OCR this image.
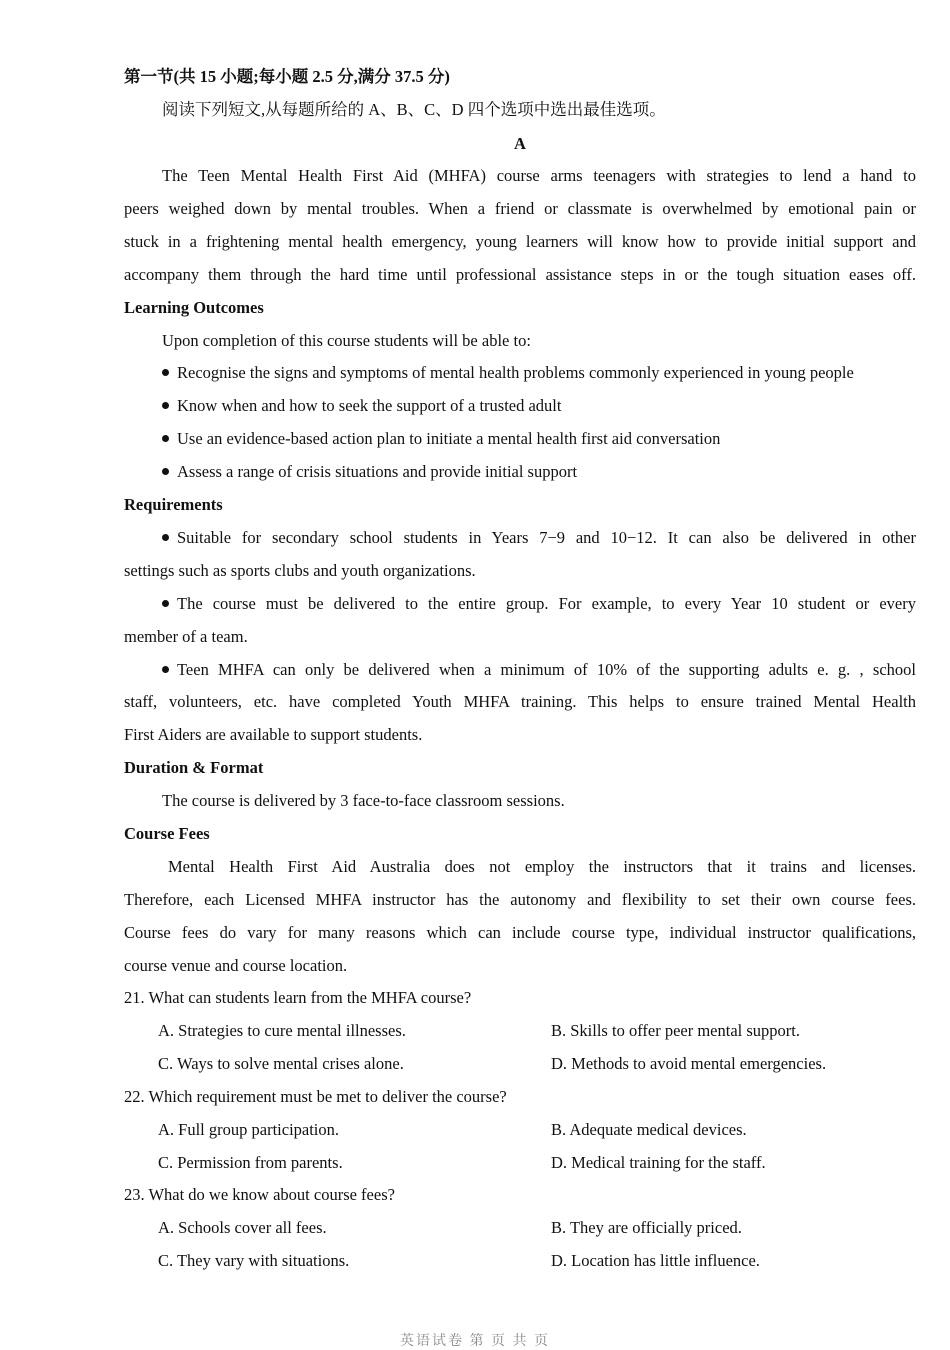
第一节(共 15 小题;每小题 2.5 分,满分 37.5 分)
阅读下列短文,从每题所给的 A、B、C、D 四个选项中选出最佳选项。
A
The Teen Mental Health First Aid (MHFA) course arms teenagers with strategies to lend a hand to
peers weighed down by mental troubles. When a friend or classmate is overwhelmed by emotional pain or
stuck in a frightening mental health emergency, young learners will know how to provide initial support and
accompany them through the hard time until professional assistance steps in or the tough situation eases off.
Learning Outcomes
Upon completion of this course students will be able to:
Recognise the signs and symptoms of mental health problems commonly experienced in young people
Know when and how to seek the support of a trusted adult
Use an evidence-based action plan to initiate a mental health first aid conversation
Assess a range of crisis situations and provide initial support
Requirements
Suitable for secondary school students in Years 7−9 and 10−12. It can also be delivered in other
settings such as sports clubs and youth organizations.
The course must be delivered to the entire group. For example, to every Year 10 student or every
member of a team.
Teen MHFA can only be delivered when a minimum of 10% of the supporting adults e. g. , school
staff, volunteers, etc. have completed Youth MHFA training. This helps to ensure trained Mental Health
First Aiders are available to support students.
Duration & Format
The course is delivered by 3 face-to-face classroom sessions.
Course Fees
Mental Health First Aid Australia does not employ the instructors that it trains and licenses.
Therefore, each Licensed MHFA instructor has the autonomy and flexibility to set their own course fees.
Course fees do vary for many reasons which can include course type, individual instructor qualifications,
course venue and course location.
21. What can students learn from the MHFA course?
A. Strategies to cure mental illnesses.	B. Skills to offer peer mental support.
C. Ways to solve mental crises alone.	D. Methods to avoid mental emergencies.
22. Which requirement must be met to deliver the course?
A. Full group participation.	B. Adequate medical devices.
C. Permission from parents.	D. Medical training for the staff.
23. What do we know about course fees?
A. Schools cover all fees.	B. They are officially priced.
C. They vary with situations.	D. Location has little influence.
英语试卷 第 页 共 页
